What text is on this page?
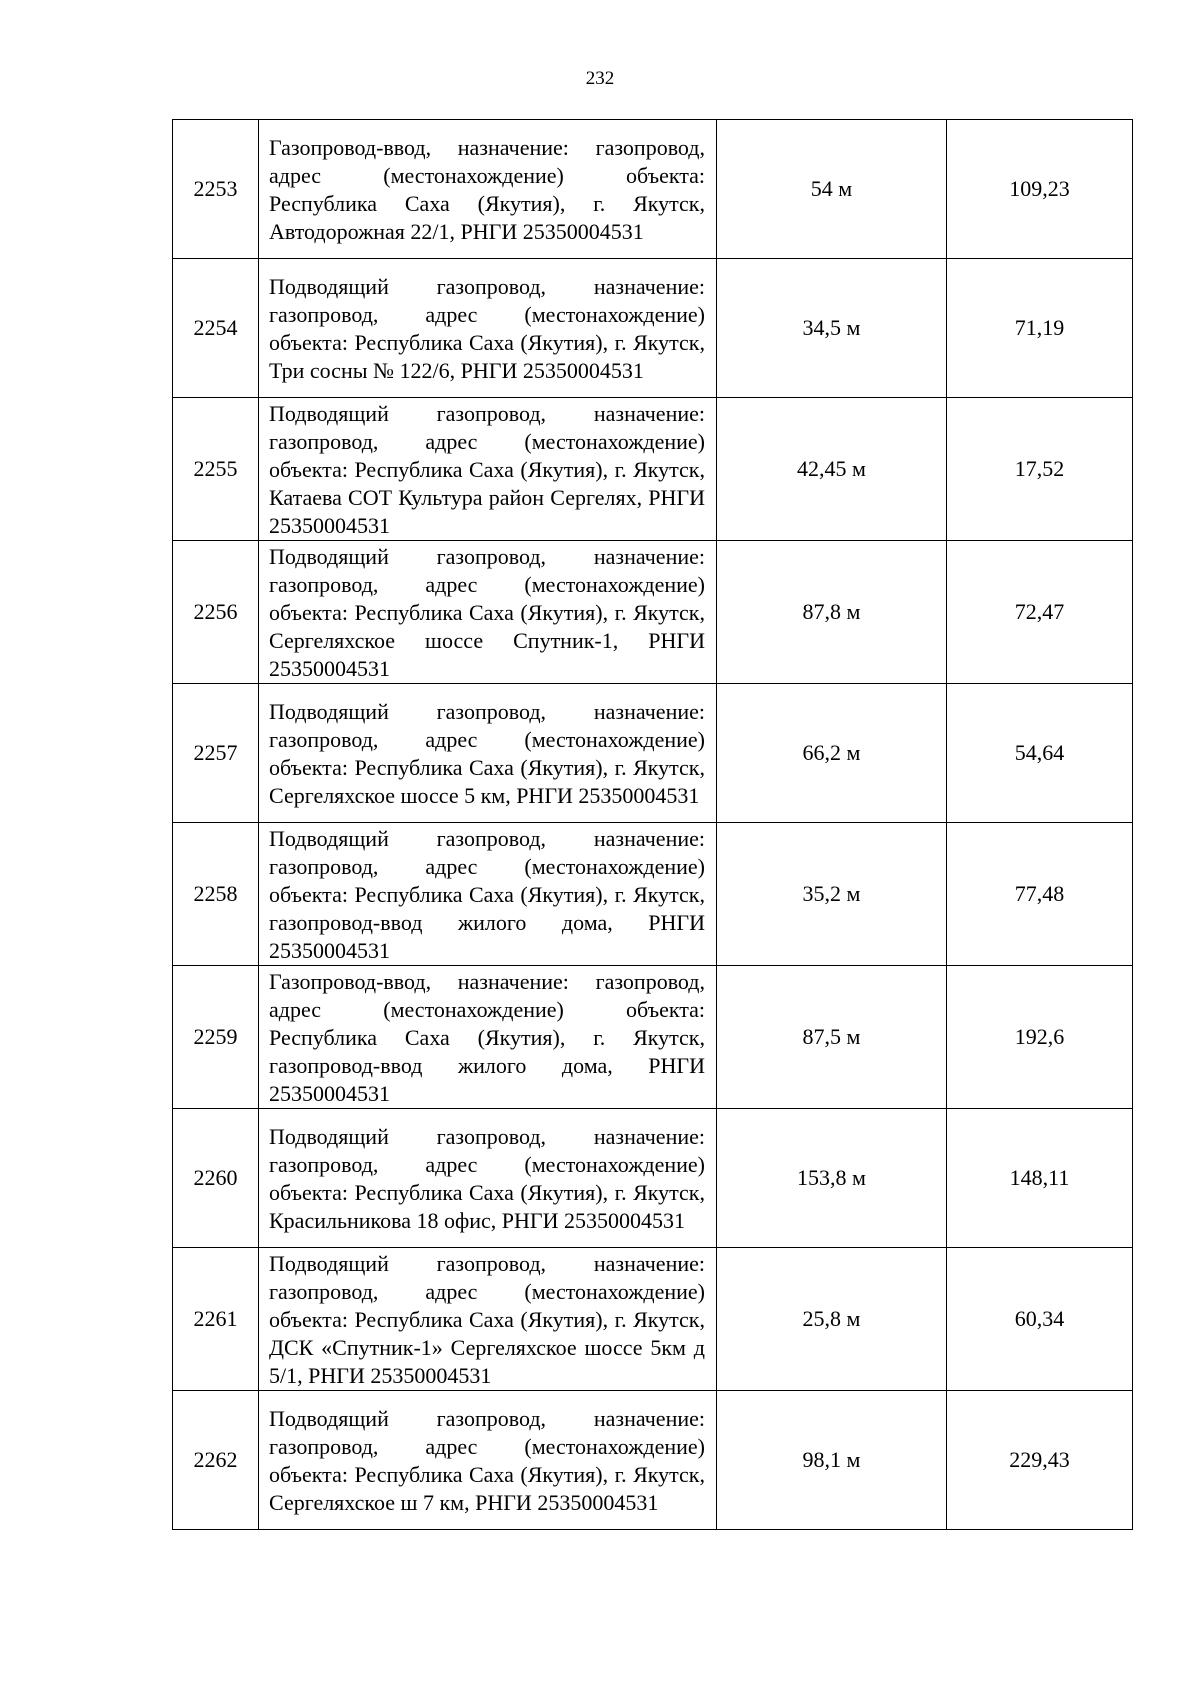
232
2253	Газопровод-ввод, назначение: газопровод, адрес (местонахождение) объекта: Республика Саха (Якутия), г. Якутск, Автодорожная 22/1, РНГИ 25350004531	54 м	109,23
2254	Подводящий газопровод, назначение: газопровод, адрес (местонахождение) объекта: Республика Саха (Якутия), г. Якутск, Три сосны № 122/6, РНГИ 25350004531	34,5 м	71,19
2255	Подводящий газопровод, назначение: газопровод, адрес (местонахождение) объекта: Республика Саха (Якутия), г. Якутск, Катаева СОТ Культура район Сергелях, РНГИ 25350004531	42,45 м	17,52
2256	Подводящий газопровод, назначение: газопровод, адрес (местонахождение) объекта: Республика Саха (Якутия), г. Якутск, Сергеляхское шоссе Спутник-1, РНГИ 25350004531	87,8 м	72,47
2257	Подводящий газопровод, назначение: газопровод, адрес (местонахождение) объекта: Республика Саха (Якутия), г. Якутск, Сергеляхское шоссе 5 км, РНГИ 25350004531	66,2 м	54,64
2258	Подводящий газопровод, назначение: газопровод, адрес (местонахождение) объекта: Республика Саха (Якутия), г. Якутск, газопровод-ввод жилого дома, РНГИ 25350004531	35,2 м	77,48
2259	Газопровод-ввод, назначение: газопровод, адрес (местонахождение) объекта: Республика Саха (Якутия), г. Якутск, газопровод-ввод жилого дома, РНГИ 25350004531	87,5 м	192,6
2260	Подводящий газопровод, назначение: газопровод, адрес (местонахождение) объекта: Республика Саха (Якутия), г. Якутск, Красильникова 18 офис, РНГИ 25350004531	153,8 м	148,11
2261	Подводящий газопровод, назначение: газопровод, адрес (местонахождение) объекта: Республика Саха (Якутия), г. Якутск, ДСК «Спутник-1» Сергеляхское шоссе 5км д 5/1, РНГИ 25350004531	25,8 м	60,34
2262	Подводящий газопровод, назначение: газопровод, адрес (местонахождение) объекта: Республика Саха (Якутия), г. Якутск, Сергеляхское ш 7 км, РНГИ 25350004531	98,1 м	229,43
